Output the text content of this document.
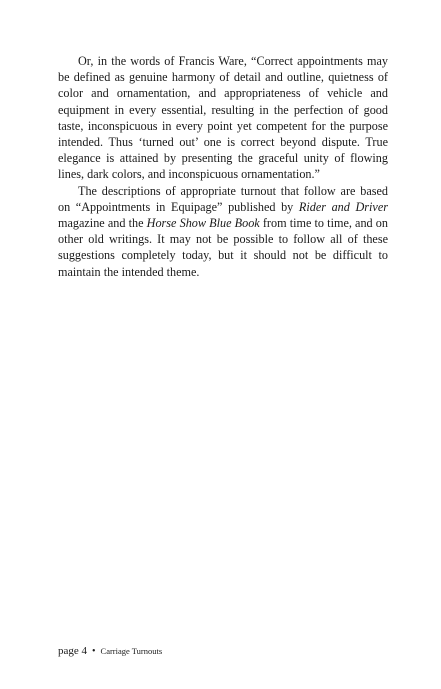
Or, in the words of Francis Ware, “Correct appointments may be defined as genuine harmony of detail and outline, quietness of color and ornamentation, and appropriateness of vehicle and equipment in every essential, resulting in the perfection of good taste, inconspicuous in every point yet competent for the purpose intended. Thus ‘turned out’ one is correct beyond dispute. True elegance is attained by presenting the graceful unity of flowing lines, dark colors, and inconspicuous ornamentation.”

The descriptions of appropriate turnout that follow are based on “Appointments in Equipage” published by Rider and Driver magazine and the Horse Show Blue Book from time to time, and on other old writings. It may not be possible to follow all of these suggestions completely today, but it should not be difficult to maintain the intended theme.

page 4 • Carriage Turnouts
